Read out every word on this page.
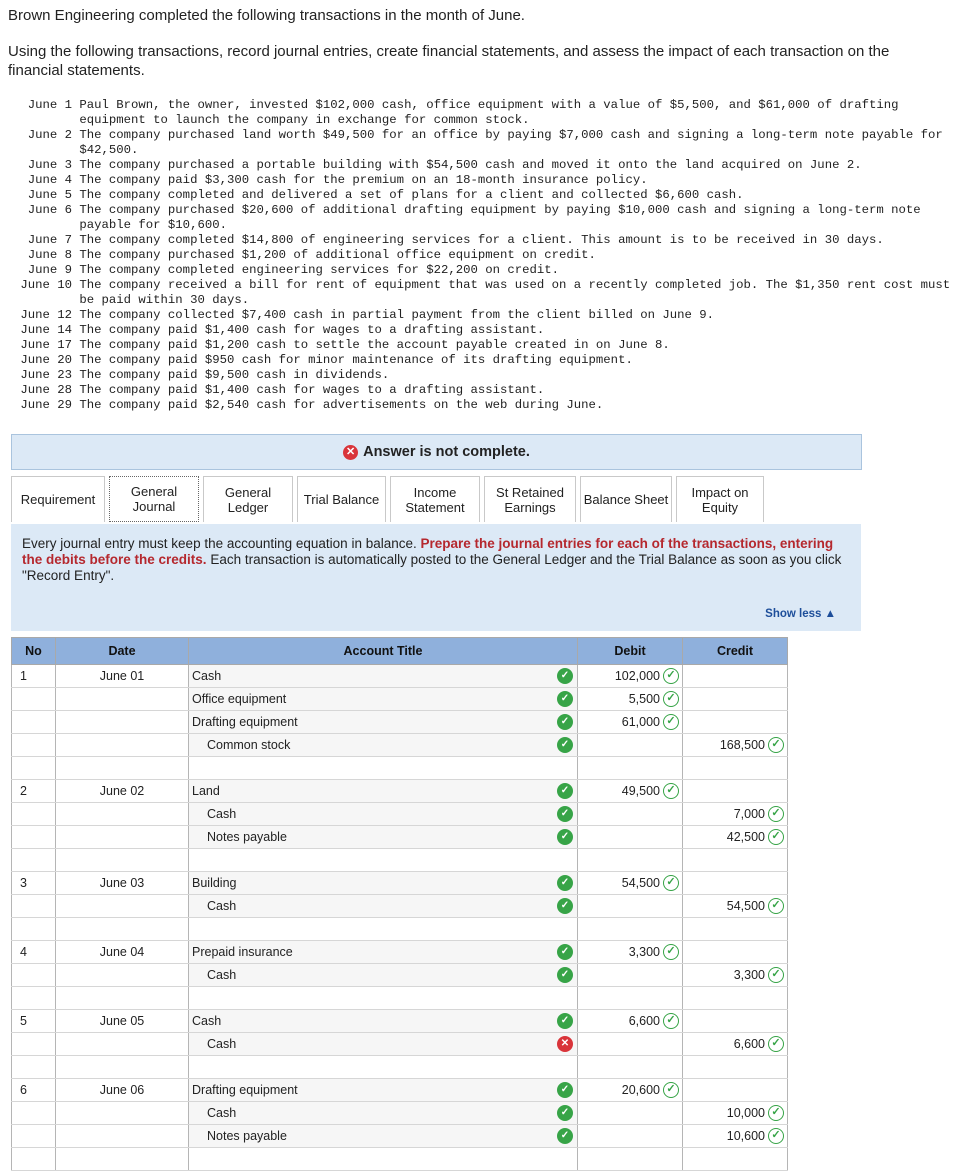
Brown Engineering completed the following transactions in the month of June.
Using the following transactions, record journal entries, create financial statements, and assess the impact of each transaction on the financial statements.
June 1 Paul Brown, the owner, invested $102,000 cash, office equipment with a value of $5,500, and $61,000 of drafting equipment to launch the company in exchange for common stock.
June 2 The company purchased land worth $49,500 for an office by paying $7,000 cash and signing a long-term note payable for $42,500.
June 3 The company purchased a portable building with $54,500 cash and moved it onto the land acquired on June 2.
June 4 The company paid $3,300 cash for the premium on an 18-month insurance policy.
June 5 The company completed and delivered a set of plans for a client and collected $6,600 cash.
June 6 The company purchased $20,600 of additional drafting equipment by paying $10,000 cash and signing a long-term note payable for $10,600.
June 7 The company completed $14,800 of engineering services for a client. This amount is to be received in 30 days.
June 8 The company purchased $1,200 of additional office equipment on credit.
June 9 The company completed engineering services for $22,200 on credit.
June 10 The company received a bill for rent of equipment that was used on a recently completed job. The $1,350 rent cost must be paid within 30 days.
June 12 The company collected $7,400 cash in partial payment from the client billed on June 9.
June 14 The company paid $1,400 cash for wages to a drafting assistant.
June 17 The company paid $1,200 cash to settle the account payable created in on June 8.
June 20 The company paid $950 cash for minor maintenance of its drafting equipment.
June 23 The company paid $9,500 cash in dividends.
June 28 The company paid $1,400 cash for wages to a drafting assistant.
June 29 The company paid $2,540 cash for advertisements on the web during June.
✕ Answer is not complete.
Requirement
General Journal
General Ledger	Trial Balance	Income Statement
St Retained Earnings	Balance Sheet	Impact on Equity
Every journal entry must keep the accounting equation in balance. Prepare the journal entries for each of the transactions, entering the debits before the credits. Each transaction is automatically posted to the General Ledger and the Trial Balance as soon as you click "Record Entry".
Show less ▲
No	Date	Account Title	Debit	Credit
1	June 01	Cash ✓	102,000 ✓	
		Office equipment ✓	5,500 ✓	
		Drafting equipment ✓	61,000 ✓	
		Common stock ✓		168,500 ✓

2	June 02	Land ✓	49,500 ✓	
		Cash ✓		7,000 ✓
		Notes payable ✓		42,500 ✓

3	June 03	Building ✓	54,500 ✓	
		Cash ✓		54,500 ✓

4	June 04	Prepaid insurance ✓	3,300 ✓	
		Cash ✓		3,300 ✓

5	June 05	Cash ✓	6,600 ✓	
		Cash ✕		6,600 ✓

6	June 06	Drafting equipment ✓	20,600 ✓	
		Cash ✓		10,000 ✓
		Notes payable ✓		10,600 ✓
